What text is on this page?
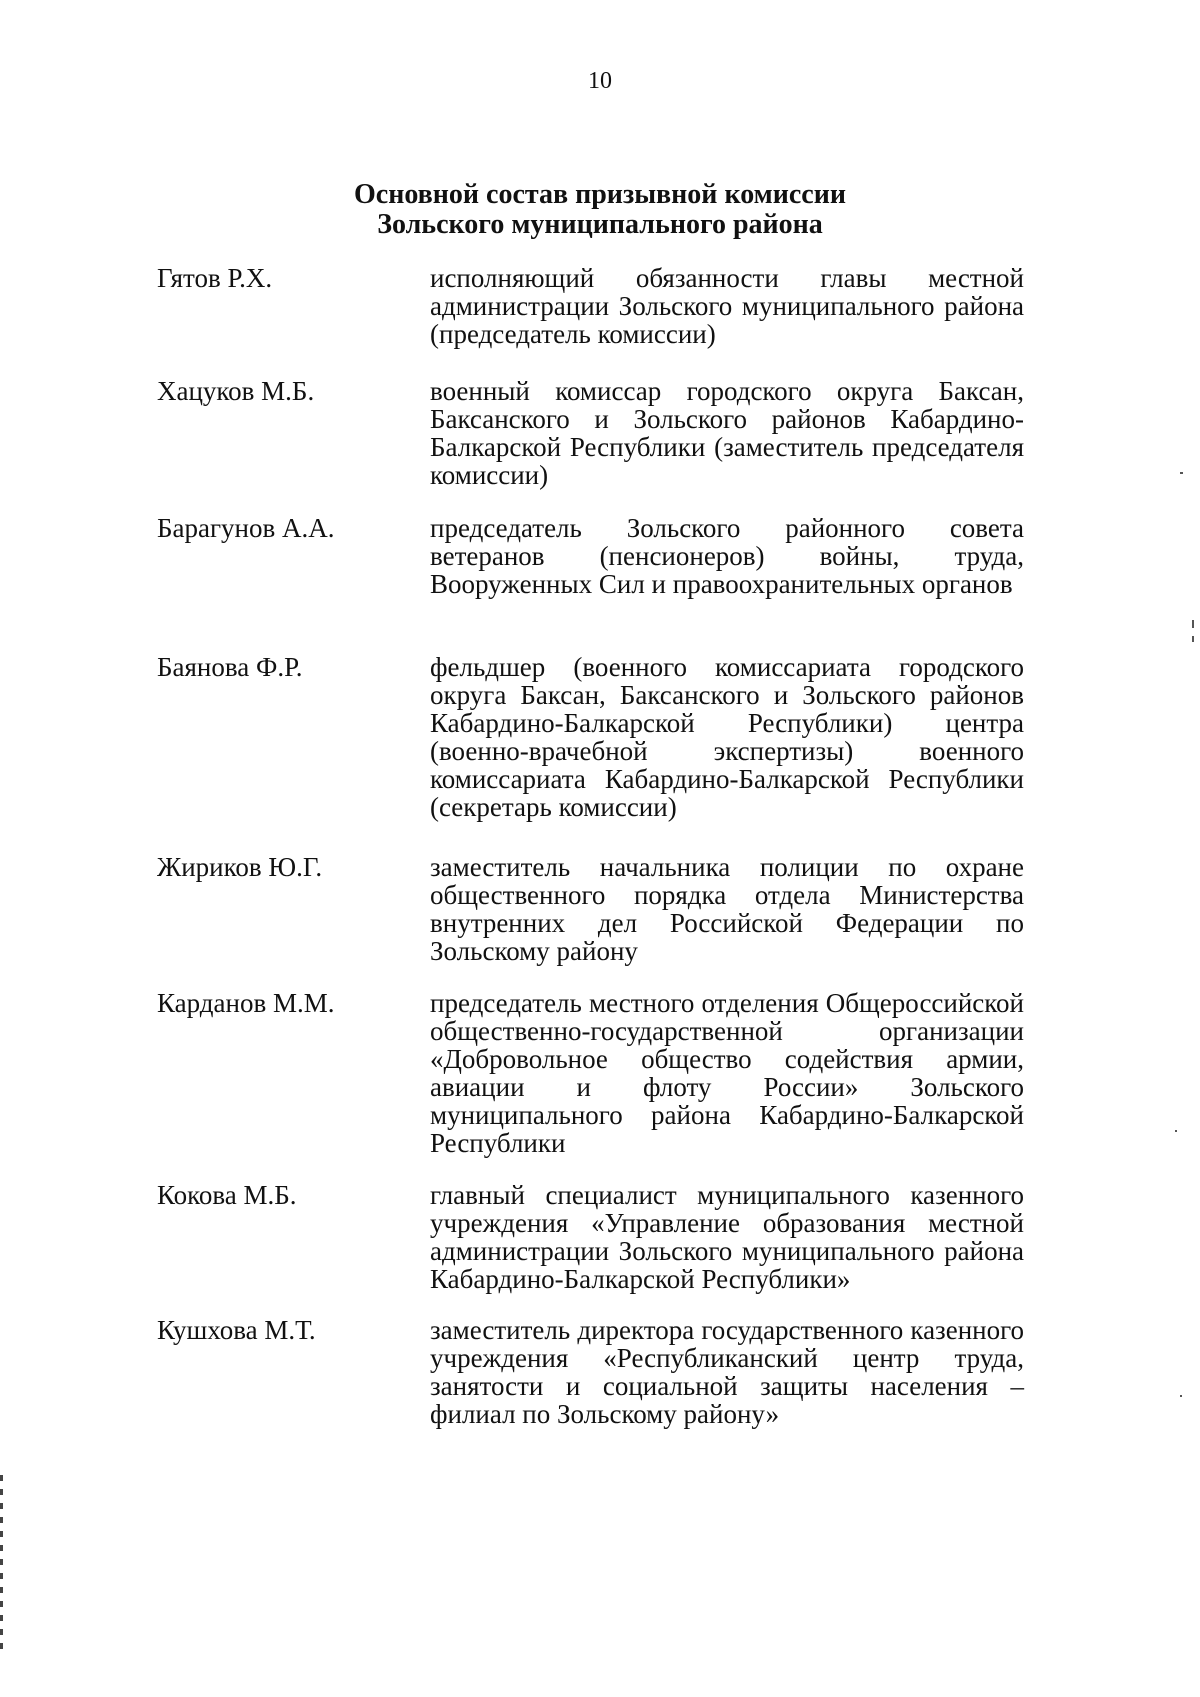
10
Основной состав призывной комиссии
Зольского муниципального района
Гятов Р.Х.	исполняющий обязанности главы местной администрации Зольского муниципального района (председатель комиссии)
Хацуков М.Б.	военный комиссар городского округа Баксан, Баксанского и Зольского районов Кабардино-Балкарской Республики (заместитель председателя комиссии)
Барагунов А.А.	председатель Зольского районного совета ветеранов (пенсионеров) войны, труда, Вооруженных Сил и правоохранительных органов
Баянова Ф.Р.	фельдшер (военного комиссариата городского округа Баксан, Баксанского и Зольского районов Кабардино-Балкарской Республики) центра (военно-врачебной экспертизы) военного комиссариата Кабардино-Балкарской Республики (секретарь комиссии)
Жириков Ю.Г.	заместитель начальника полиции по охране общественного порядка отдела Министерства внутренних дел Российской Федерации по Зольскому району
Карданов М.М.	председатель местного отделения Общероссийской общественно-государственной организации «Добровольное общество содействия армии, авиации и флоту России» Зольского муниципального района Кабардино-Балкарской Республики
Кокова М.Б.	главный специалист муниципального казенного учреждения «Управление образования местной администрации Зольского муниципального района Кабардино-Балкарской Республики»
Кушхова М.Т.	заместитель директора государственного казенного учреждения «Республиканский центр труда, занятости и социальной защиты населения – филиал по Зольскому району»
